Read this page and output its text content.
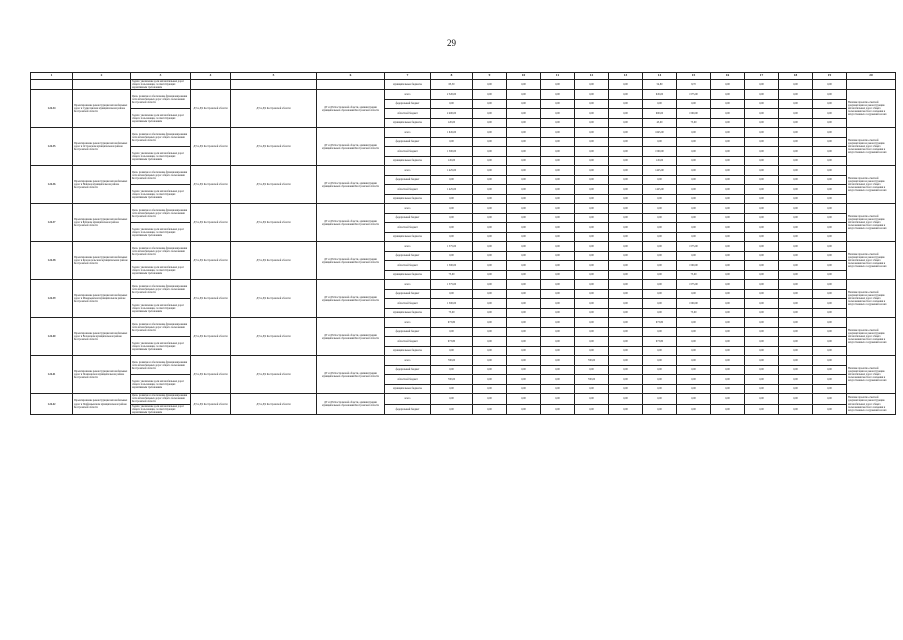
29
1	2	3	4	5	6	7	8	9	10	11	12	13	14	15	16	17	18	19	20
		Задача: увеличение доли автомобильных дорог общего пользования, соответствующих нормативным требованиям				муниципальные бюджеты	63,50	0,00	0,00	0,00	0,00	0,00	54,80	8,70	0,00	0,00	0,00	0,00	
1.22.34	Проектирование реконструкции автомобильных дорог в Судиславском муниципальном районе Костромской области	Цель: развитие и обеспечение функционирования сети автомобильных дорог общего пользования Костромской области	ДТ и ДХ Костромской области	ДТ и ДХ Костромской области	ДТ и ДХ Костромской области, администрации муниципальных образований Костромской области	всего	2 520,00	0,00	0,00	0,00	0,00	0,00	945,00	1575,00	0,00	0,00	0,00	0,00	Наличие проектно-сметной документации на реконструкцию автомобильных дорог общего пользования местного значения и искусственных сооружений на них
						федеральный бюджет	0,00	0,00	0,00	0,00	0,00	0,00	0,00	0,00	0,00	0,00	0,00	0,00	
		Задача: увеличение доли автомобильных дорог общего пользования, соответствующих нормативным требованиям				областной бюджет	2 400,00	0,00	0,00	0,00	0,00	0,00	900,00	1500,00	0,00	0,00	0,00	0,00	
						муниципальные бюджеты	120,00	0,00	0,00	0,00	0,00	0,00	45,00	75,00	0,00	0,00	0,00	0,00	
1.22.35	Проектирование реконструкции автомобильных дорог в Островском муниципальном районе Костромской области	Цель: развитие и обеспечение функционирования сети автомобильных дорог общего пользования Костромской области	ДТ и ДХ Костромской области	ДТ и ДХ Костромской области	ДТ и ДХ Костромской области, администрации муниципальных образований Костромской области	всего	1 645,00	0,00	0,00	0,00	0,00	0,00	1645,00	0,00	0,00	0,00	0,00	0,00	Наличие проектно-сметной документации на реконструкцию автомобильных дорог общего пользования местного значения и искусственных сооружений на них
						федеральный бюджет	0,00	0,00	0,00	0,00	0,00	0,00	0,00	0,00	0,00	0,00	0,00	0,00	
		Задача: увеличение доли автомобильных дорог общего пользования, соответствующих нормативным требованиям				областной бюджет	1 500,00	0,00	0,00	0,00	0,00	0,00	1500,00	0,00	0,00	0,00	0,00	0,00	
						муниципальные бюджеты	145,00	0,00	0,00	0,00	0,00	0,00	145,00	0,00	0,00	0,00	0,00	0,00	
1.22.36	Проектирование реконструкции автомобильных дорог в Нейском муниципальном районе Костромской области	Цель: развитие и обеспечение функционирования сети автомобильных дорог общего пользования Костромской области	ДТ и ДХ Костромской области	ДТ и ДХ Костромской области	ДТ и ДХ Костромской области, администрации муниципальных образований Костромской области	всего	1 425,00	0,00	0,00	0,00	0,00	0,00	1425,00	0,00	0,00	0,00	0,00	0,00	Наличие проектно-сметной документации на реконструкцию автомобильных дорог общего пользования местного значения и искусственных сооружений на них
						федеральный бюджет	0,00	0,00	0,00	0,00	0,00	0,00	0,00	0,00	0,00	0,00	0,00	0,00	
		Задача: увеличение доли автомобильных дорог общего пользования, соответствующих нормативным требованиям				областной бюджет	1 425,00	0,00	0,00	0,00	0,00	0,00	1425,00	0,00	0,00	0,00	0,00	0,00	
						муниципальные бюджеты	0,00	0,00	0,00	0,00	0,00	0,00	0,00	0,00	0,00	0,00	0,00	0,00	
1.22.37	Проектирование реконструкции автомобильных дорог в Буйском муниципальном районе Костромской области	Цель: развитие и обеспечение функционирования сети автомобильных дорог общего пользования Костромской области	ДТ и ДХ Костромской области	ДТ и ДХ Костромской области	ДТ и ДХ Костромской области, администрации муниципальных образований Костромской области	всего	0,00	0,00	0,00	0,00	0,00	0,00	0,00	0,00	0,00	0,00	0,00	0,00	Наличие проектно-сметной документации на реконструкцию автомобильных дорог общего пользования местного значения и искусственных сооружений на них
						федеральный бюджет	0,00	0,00	0,00	0,00	0,00	0,00	0,00	0,00	0,00	0,00	0,00	0,00	
		Задача: увеличение доли автомобильных дорог общего пользования, соответствующих нормативным требованиям				областной бюджет	0,00	0,00	0,00	0,00	0,00	0,00	0,00	0,00	0,00	0,00	0,00	0,00	
						муниципальные бюджеты	0,00	0,00	0,00	0,00	0,00	0,00	0,00	0,00	0,00	0,00	0,00	0,00	
1.22.38	Проектирование реконструкции автомобильных дорог в Красносельском муниципальном районе Костромской области	Цель: развитие и обеспечение функционирования сети автомобильных дорог общего пользования Костромской области	ДТ и ДХ Костромской области	ДТ и ДХ Костромской области	ДТ и ДХ Костромской области, администрации муниципальных образований Костромской области	всего	1 575,00	0,00	0,00	0,00	0,00	0,00	0,00	1575,00	0,00	0,00	0,00	0,00	Наличие проектно-сметной документации на реконструкцию автомобильных дорог общего пользования местного значения и искусственных сооружений на них
						федеральный бюджет	0,00	0,00	0,00	0,00	0,00	0,00	0,00	0,00	0,00	0,00	0,00	0,00	
		Задача: увеличение доли автомобильных дорог общего пользования, соответствующих нормативным требованиям				областной бюджет	1 500,00	0,00	0,00	0,00	0,00	0,00	0,00	1500,00	0,00	0,00	0,00	0,00	
						муниципальные бюджеты	75,00	0,00	0,00	0,00	0,00	0,00	0,00	75,00	0,00	0,00	0,00	0,00	
1.22.39	Проектирование реконструкции автомобильных дорог в Макарьевском муниципальном районе Костромской области	Цель: развитие и обеспечение функционирования сети автомобильных дорог общего пользования Костромской области	ДТ и ДХ Костромской области	ДТ и ДХ Костромской области	ДТ и ДХ Костромской области, администрации муниципальных образований Костромской области	всего	1 575,00	0,00	0,00	0,00	0,00	0,00	0,00	1575,00	0,00	0,00	0,00	0,00	Наличие проектно-сметной документации на реконструкцию автомобильных дорог общего пользования местного значения и искусственных сооружений на них
						федеральный бюджет	0,00	0,00	0,00	0,00	0,00	0,00	0,00	0,00	0,00	0,00	0,00	0,00	
		Задача: увеличение доли автомобильных дорог общего пользования, соответствующих нормативным требованиям				областной бюджет	1 500,00	0,00	0,00	0,00	0,00	0,00	0,00	1500,00	0,00	0,00	0,00	0,00	
						муниципальные бюджеты	75,00	0,00	0,00	0,00	0,00	0,00	0,00	75,00	0,00	0,00	0,00	0,00	
1.22.40	Проектирование реконструкции автомобильных дорог в Вохомском муниципальном районе Костромской области	Цель: развитие и обеспечение функционирования сети автомобильных дорог общего пользования Костромской области	ДТ и ДХ Костромской области	ДТ и ДХ Костромской области	ДТ и ДХ Костромской области, администрации муниципальных образований Костромской области	всего	973,80	0,00	0,00	0,00	0,00	0,00	973,80	0,00	0,00	0,00	0,00	0,00	Наличие проектно-сметной документации на реконструкцию автомобильных дорог общего пользования местного значения и искусственных сооружений на них
						федеральный бюджет	0,00	0,00	0,00	0,00	0,00	0,00	0,00	0,00	0,00	0,00	0,00	0,00	
		Задача: увеличение доли автомобильных дорог общего пользования, соответствующих нормативным требованиям				областной бюджет	973,80	0,00	0,00	0,00	0,00	0,00	973,80	0,00	0,00	0,00	0,00	0,00	
						муниципальные бюджеты	0,00	0,00	0,00	0,00	0,00	0,00	0,00	0,00	0,00	0,00	0,00	0,00	
1.22.41	Проектирование реконструкции автомобильных дорог в Понизовском муниципальном районе Костромской области	Цель: развитие и обеспечение функционирования сети автомобильных дорог общего пользования Костромской области	ДТ и ДХ Костромской области	ДТ и ДХ Костромской области	ДТ и ДХ Костромской области, администрации муниципальных образований Костромской области	всего	700,00	0,00	0,00	0,00	700,00	0,00	0,00	0,00	0,00	0,00	0,00	0,00	Наличие проектно-сметной документации на реконструкцию автомобильных дорог общего пользования местного значения и искусственных сооружений на них
						федеральный бюджет	0,00	0,00	0,00	0,00	0,00	0,00	0,00	0,00	0,00	0,00	0,00	0,00	
		Задача: увеличение доли автомобильных дорог общего пользования, соответствующих нормативным требованиям				областной бюджет	700,00	0,00	0,00	0,00	700,00	0,00	0,00	0,00	0,00	0,00	0,00	0,00	
						муниципальные бюджеты	0,00	0,00	0,00	0,00	0,00	0,00	0,00	0,00	0,00	0,00	0,00	0,00	
1.22.42	Проектирование реконструкции автомобильных дорог в Парфеньевском муниципальном районе Костромской области	Цель: развитие и обеспечение функционирования сети автомобильных дорог общего пользования Костромской области	ДТ и ДХ Костромской области	ДТ и ДХ Костромской области	ДТ и ДХ Костромской области, администрации муниципальных образований Костромской области	всего	0,00	0,00	0,00	0,00	0,00	0,00	0,00	0,00	0,00	0,00	0,00	0,00	Наличие проектно-сметной документации на реконструкцию автомобильных дорог общего пользования местного значения и искусственных сооружений на них
		Задача: увеличение доли автомобильных дорог общего пользования, соответствующих нормативным требованиям				федеральный бюджет	0,00	0,00	0,00	0,00	0,00	0,00	0,00	0,00	0,00	0,00	0,00	0,00	
